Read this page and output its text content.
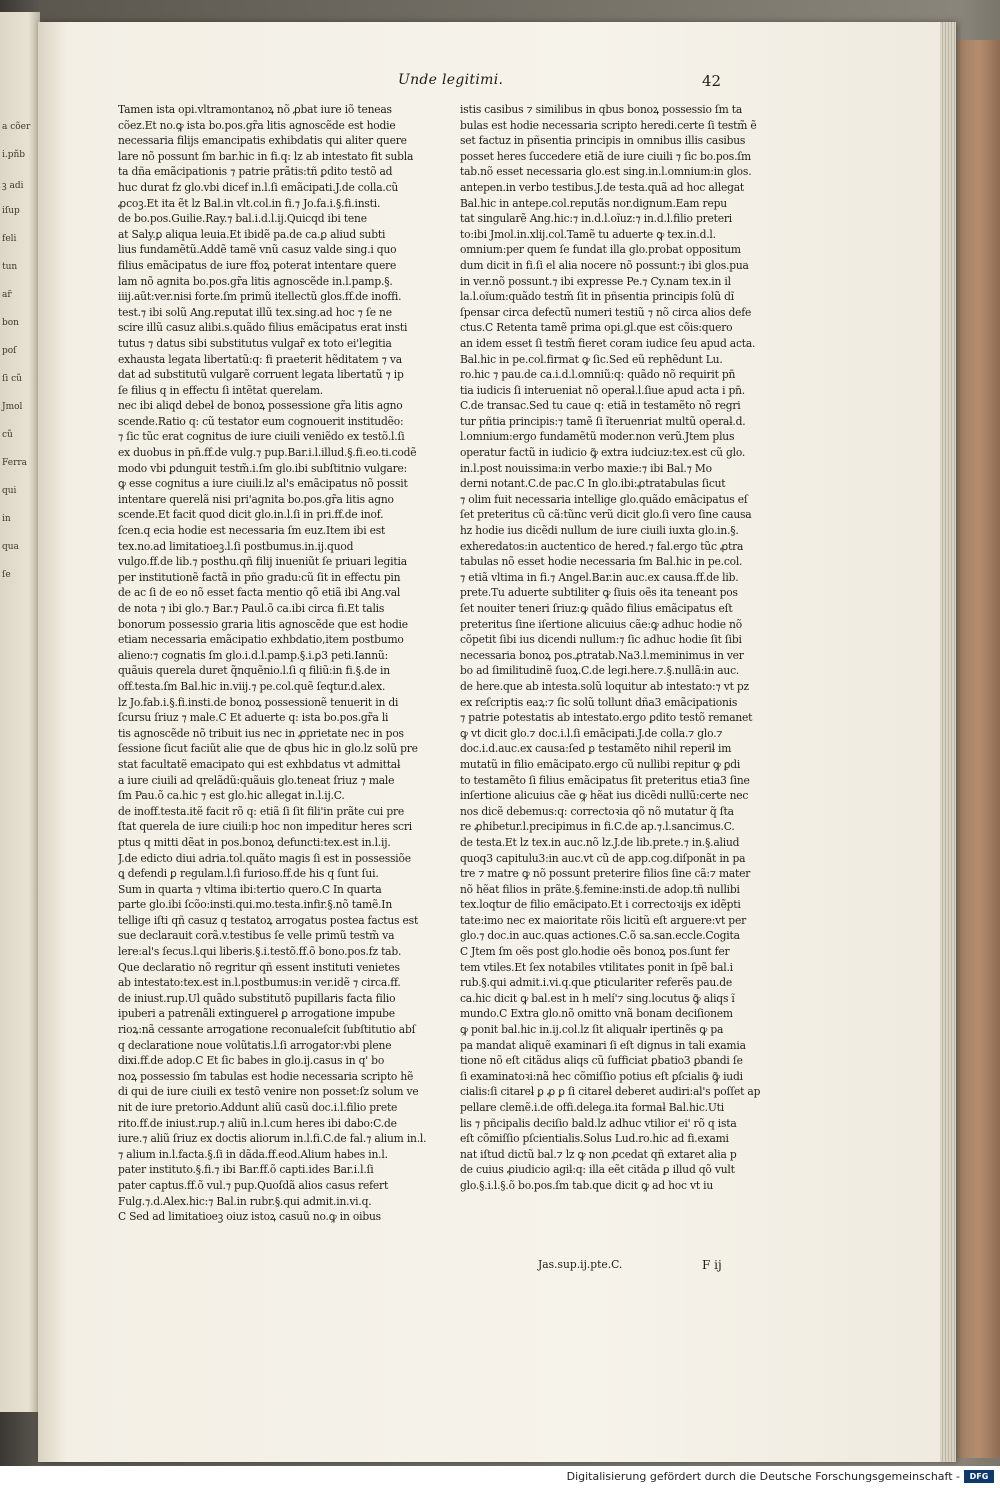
a cõer
i.pñb
ꝫ adi
iſup
feli
tun
ar̃
bon
poſ
ſi cũ
Jmol
cũ
Ferra
qui
in
qua
ſe
Unde legitimi.	42
Tamen ista opi.vltramontanoꝝ nõ ꝓbat iure iõ teneas
cõez.Et no.ꝙ ista bo.pos.gr̃a litis agnoscẽde est hodie
necessaria filijs emancipatis exhibdatis qui aliter quere
lare nõ possunt ſm bar.hic in fi.q: lz ab intestato fit subla
ta dña emãcipationis ⁊ patrie prãtis:tñ ꝑdito testõ ad
huc durat fz glo.vbi dicef in.l.ſi emãcipati.J.de colla.cũ
ꝓcoꝫ.Et ita ẽt lz Bal.in vlt.col.in fi.⁊ Jo.fa.i.§.fi.insti.
de bo.pos.Guilie.Ray.⁊ bal.i.d.l.ij.Quicqd ibi tene
at Saly.ꝑ aliqua leuia.Et ibidẽ pa.de ca.ꝑ aliud subti
lius fundamẽtũ.Addẽ tamẽ vnũ casuz valde sing.i quo
filius emãcipatus de iure ffoꝝ poterat intentare quere
lam nõ agnita bo.pos.gr̃a litis agnoscẽde in.l.pamp.§.
iiij.aũt:ver.nisi forte.ſm primũ itellectũ glos.ff.de inoffi.
test.⁊ ibi solũ Ang.reputat illũ tex.sing.ad hoc ⁊ ſe ne
scire illũ casuz alibi.s.quãdo filius emãcipatus erat insti
tutus ⁊ datus sibi substitutus vulgar̃ ex toto ei'legitia
exhausta legata libertatũ:q: fi praeterit hẽditatem ⁊ va
dat ad substitutũ vulgarẽ corruent legata libertatũ ⁊ ip
ſe filius q in effectu ſi intẽtat querelam.
nec ibi aliqd debeƚ de bonoꝝ possessione gr̃a litis agno
scende.Ratio q: cũ testator eum cognouerit institudẽo:
⁊ ſic tũc erat cognitus de iure ciuili veniẽdo ex testõ.l.ſi
ex duobus in pn̄.ff.de vulg.⁊ pup.Bar.i.l.illud.§.fi.eo.ti.codẽ
modo vbi ꝑdunguit testm̃.i.ſm glo.ibi subſtitnio vulgare:
ꝙ esse cognitus a iure ciuili.lz al's emãcipatus nõ possit
intentare querelã nisi pri'agnita bo.pos.gr̃a litis agno
scende.Et facit quod dicit glo.in.l.ſi in pri.ff.de inof.
ſcen.q ecia hodie est necessaria ſm euz.Item ibi est
tex.no.ad limitatioeꝫ.l.ſi postbumus.in.ij.quod
vulgo.ff.de lib.⁊ posthu.qñ filij inueniũt ſe priuari legitia
per institutionẽ factã in pño gradu:cũ ſit in effectu pin
de ac ſi de eo nõ esset facta mentio qõ etiã ibi Ang.val
de nota ⁊ ibi glo.⁊ Bar.⁊ Paul.õ ca.ibi circa fi.Et talis
bonorum possessio graria litis agnoscẽde que est hodie
etiam necessaria emãcipatio exhbdatio,item postbumo
alieno:⁊ cognatis ſm glo.i.d.l.pamp.§.i.ꝑ3 peti.Iannũ:
quãuis querela duret q̃nquẽnio.l.ſi q filiũ:in fi.§.de in
off.testa.ſm Bal.hic in.viij.⁊ pe.col.quẽ ſeqtur.d.alex.
lz Jo.fab.i.§.fi.insti.de bonoꝝ possessionẽ tenuerit in di
ſcursu ſriuz ⁊ male.C Et aduerte q: ista bo.pos.gr̃a li
tis agnoscẽde nõ tribuit ius nec in ꝓprietate nec in pos
ſessione ſicut faciũt alie que de qbus hic in glo.lz solũ pre
stat facultatẽ emacipato qui est exhbdatus vt admittaƚ
a iure ciuili ad qrelãdũ:quãuis glo.teneat ſriuz ⁊ male
ſm Pau.õ ca.hic ⁊ est glo.hic allegat in.l.ij.C.
de inoff.testa.itẽ facit rõ q: etiã ſi ſit fili'in prãte cui pre
ſtat querela de iure ciuili:p hoc non impeditur heres scri
ptus q mitti dẽat in pos.bonoꝝ defuncti:tex.est in.l.ij.
J.de edicto diui adria.tol.quãto magis ſi est in possessiõe
ꝗ defendi ꝑ regulam.l.ſi furioso.ff.de his q ſunt ſui.
Sum in quarta ⁊ vltima ibi:tertio quero.C In quarta
parte glo.ibi ſcõo:insti.qui.mo.testa.infir.§.nõ tamẽ.In
tellige iſti qñ casuz q testatoꝝ arrogatus postea factus est
sue declarauit corã.v.testibus ſe velle primũ testm̃ va
lere:al's ſecus.l.qui liberis.§.i.testõ.ff.õ bono.pos.fz tab.
Que declaratio nõ regritur qñ essent instituti venietes
ab intestato:tex.est in.l.postbumus:in ver.idẽ ⁊ circa.ff.
de iniust.rup.Ul quãdo substitutõ pupillaris facta filio
ipuberi a patrenãli extinguereƚ ꝑ arrogatione impube
rioꝝ:nã cessante arrogatione reconualeſcit ſubſtitutio abſ
q declaratione noue volũtatis.l.ſi arrogator:vbi plene
dixi.ff.de adop.C Et ſic babes in glo.ij.casus in q' bo
noꝝ possessio ſm tabulas est hodie necessaria scripto hẽ
di qui de iure ciuili ex testõ venire non posset:ſz solum ve
nit de iure pretorio.Addunt aliũ casũ doc.i.l.filio prete
rito.ff.de iniust.rup.⁊ aliũ in.l.cum heres ibi dabo:C.de
iure.⁊ aliũ ſriuz ex doctis aliorum in.l.fi.C.de fal.⁊ alium in.l.
⁊ alium in.l.facta.§.ſi in dãda.ff.eod.Alium habes in.l.
pater instituto.§.fi.⁊ ibi Bar.ff.õ capti.ides Bar.i.l.ſi
pater captus.ff.õ vul.⁊ pup.Quoſdã alios casus refert
Fulg.⁊.d.Alex.hic:⁊ Bal.in rubr.§.qui admit.in.vi.q.
C Sed ad limitatioeꝫ oiuz istoꝝ casuũ no.ꝙ in oibus
istis casibus ⁊ similibus in qbus bonoꝝ possessio ſm ta
bulas est hodie necessaria scripto heredi.certe ſi testm̃ ẽ
set factuz in pñsentia principis in omnibus illis casibus
posset heres ſuccedere etiã de iure ciuili ⁊ ſic bo.pos.ſm
tab.nõ esset necessaria glo.est sing.in.l.omnium:in glos.
antepen.in verbo testibus.J.de testa.quã ad hoc allegat
Bal.hic in antepe.col.reputãs nor.dignum.Eam repu
tat singularẽ Ang.hic:⁊ in.d.l.oĩuz:⁊ in.d.l.filio preteri
to:ibi Jmol.in.xlij.col.Tamẽ tu aduerte ꝙ tex.in.d.l.
omnium:per quem ſe fundat illa glo.probat oppositum
dum dicit in fi.ſi el alia nocere nõ possunt:⁊ ibi glos.pua
in ver.nõ possunt.⁊ ibi expresse Pe.⁊ Cy.nam tex.in il
la.l.oĩum:quãdo testm̃ ſit in pñsentia principis ſolũ dĩ
ſpensar circa defectũ numeri testiũ ⁊ nõ circa alios defe
ctus.C Retenta tamẽ prima opi.gl.que est cõis:quero
an idem esset ſi testm̃ fieret coram iudice ſeu apud acta.
Bal.hic in pe.col.firmat ꝙ ſic.Sed eũ rephẽdunt Lu.
ro.hic ⁊ pau.de ca.i.d.l.omniũ:q: quãdo nõ requirit pn̄
tia iudicis ſi interueniat nõ operaƚ.l.ſiue apud acta i pn̄.
C.de transac.Sed tu caue q: etiã in testamẽto nõ regri
tur pñtia principis:⁊ tamẽ ſi ĩteruenriat multũ operaƚ.d.
l.omnium:ergo fundamẽtũ moder.non verũ.Jtem plus
operatur factũ in iudicio ꝙ̃ extra iudciuz:tex.est cũ glo.
in.l.post nouissima:in verbo maxie:⁊ ibi Bal.⁊ Mo
derni notant.C.de pac.C In glo.ibi:ꝓtratabulas ſicut
⁊ olim fuit necessaria intellige glo.quãdo emãcipatus eſ
ſet preteritus cũ cã:tũnc verũ dicit glo.ſi vero ſine causa
hz hodie ius dicẽdi nullum de iure ciuili iuxta glo.in.§.
exheredatos:in auctentico de hered.⁊ fal.ergo tũc ꝓtra
tabulas nõ esset hodie necessaria ſm Bal.hic in pe.col.
⁊ etiã vltima in fi.⁊ Angel.Bar.in auc.ex causa.ff.de lib.
prete.Tu aduerte subtiliter ꝙ ſiuis oẽs ita teneant pos
ſet nouiter teneri ſriuz:ꝙ quãdo filius emãcipatus eſt
preteritus ſine iſertione alicuius cãe:ꝙ adhuc hodie nõ
cõpetit ſibi ius dicendi nullum:⁊ ſic adhuc hodie ſit ſibi
necessaria bonoꝝ pos.ꝓtratab.Na3.l.meminimus in ver
bo ad ſimilitudinẽ ſuoꝝ.C.de legi.here.⁊.§.nullã:in auc.
de here.que ab intesta.solũ loquitur ab intestato:⁊ vt pz
ex reſcriptis eaꝝ:⁊ ſic solũ tollunt dña3 emãcipationis
⁊ patrie potestatis ab intestato.ergo ꝑdito testõ remanet
ꝙ vt dicit glo.⁊ doc.i.l.ſi emãcipati.J.de colla.⁊ glo.⁊
doc.i.d.auc.ex causa:ſed ꝑ testamẽto nihil reperiƚ im
mutatũ in filio emãcipato.ergo cũ nullibi repitur ꝙ ꝑdi
to testamẽto ſi filius emãcipatus ſit preteritus etia3 ſine
inſertione alicuius cãe ꝙ hẽat ius dicẽdi nullũ:certe nec
nos dicẽ debemus:q: correctoꝛia qõ nõ mutatur q̃ ſta
re ꝓhibetur.l.precipimus in fi.C.de ap.⁊.l.sancimus.C.
de testa.Et lz tex.in auc.nõ lz.J.de lib.prete.⁊ in.§.aliud
quoq3 capitulu3:in auc.vt cũ de app.cog.diſponãt in pa
tre ⁊ matre ꝙ nõ possunt preterire filios ſine cã:⁊ mater
nõ hẽat filios in prãte.§.femine:insti.de adop.tñ nullibi
tex.loqtur de filio emãcipato.Et i correctoꝛijs ex idẽpti
tate:imo nec ex maioritate rõis licitũ eſt arguere:vt per
glo.⁊ doc.in auc.quas actiones.C.õ sa.san.eccle.Cogita
C Jtem ſm oẽs post glo.hodie oẽs bonoꝝ pos.ſunt fer
tem vtiles.Et ſex notabiles vtilitates ponit in ſpẽ bal.i
rub.§.qui admit.i.vi.q.que ꝑticulariter referẽs pau.de
ca.hic dicit ꝙ bal.est in h melí'⁊ sing.locutus ꝙ̃ aliqs ĩ
mundo.C Extra glo.nõ omitto vnã bonam deciſionem
ꝙ ponit bal.hic in.ij.col.lz ſit aliquaƚr ipertinẽs ꝙ pa
pa mandat aliquẽ examinari ſi eſt dignus in tali examia
tione nõ eſt citãdus aliqs cũ ſufficiat ꝑbatio3 ꝑbandi ſe
ſi examinatoꝛi:nã hec cõmiſſio potius eſt ꝑſcialis ꝙ̃ iudi
cialis:ſi citareƚ ꝑ ꝓ ꝑ ſi citareƚ deberet audiri:al's poſſet ap
pellare clemẽ.i.de offi.delega.ita formaƚ Bal.hic.Uti
lis ⁊ pñcipalis deciſio bald.lz adhuc vtilior ei' rõ q ista
eſt cõmiſſio pſcientialis.Solus Lud.ro.hic ad fi.exami
nat iſtud dictũ bal.⁊ lz ꝙ non ꝓcedat qñ extaret alia p
de cuius ꝓiudicio agiƚ:q: illa eẽt citãda ꝑ illud qõ vult
glo.§.i.l.§.õ bo.pos.ſm tab.que dicit ꝙ ad hoc vt iu
Jas.sup.ij.pte.C.	F ij
Digitalisierung gefördert durch die Deutsche Forschungsgemeinschaft -	DFG
